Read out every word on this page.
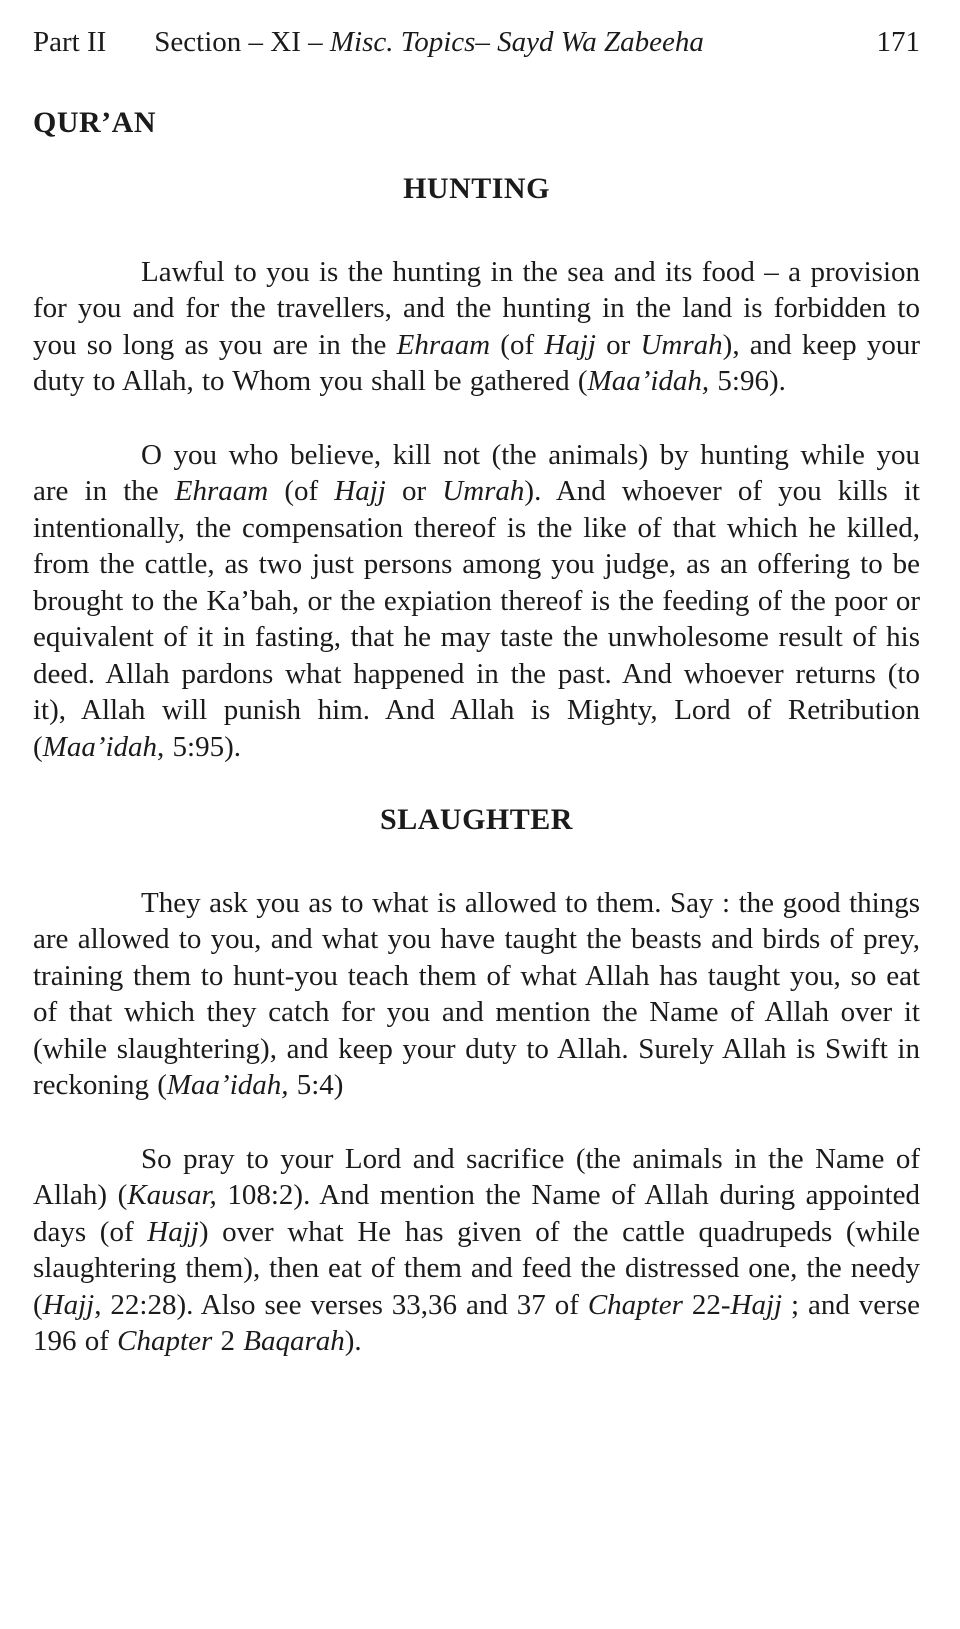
Part II Section – XI – Misc. Topics– Sayd Wa Zabeeha	171
QUR’AN
HUNTING

Lawful to you is the hunting in the sea and its food – a provision for you and for the travellers, and the hunting in the land is forbidden to you so long as you are in the Ehraam (of Hajj or Umrah), and keep your duty to Allah, to Whom you shall be gathered (Maa’idah, 5:96).

O you who believe, kill not (the animals) by hunting while you are in the Ehraam (of Hajj or Umrah). And whoever of you kills it intentionally, the compensation thereof is the like of that which he killed, from the cattle, as two just persons among you judge, as an offering to be brought to the Ka’bah, or the expiation thereof is the feeding of the poor or equivalent of it in fasting, that he may taste the unwholesome result of his deed. Allah pardons what happened in the past. And whoever returns (to it), Allah will punish him. And Allah is Mighty, Lord of Retribution (Maa’idah, 5:95).

SLAUGHTER

They ask you as to what is allowed to them. Say : the good things are allowed to you, and what you have taught the beasts and birds of prey, training them to hunt-you teach them of what Allah has taught you, so eat of that which they catch for you and mention the Name of Allah over it (while slaughtering), and keep your duty to Allah. Surely Allah is Swift in reckoning (Maa’idah, 5:4)

So pray to your Lord and sacrifice (the animals in the Name of Allah) (Kausar, 108:2). And mention the Name of Allah during appointed days (of Hajj) over what He has given of the cattle quadrupeds (while slaughtering them), then eat of them and feed the distressed one, the needy (Hajj, 22:28). Also see verses 33,36 and 37 of Chapter 22-Hajj ; and verse 196 of Chapter 2 Baqarah).
